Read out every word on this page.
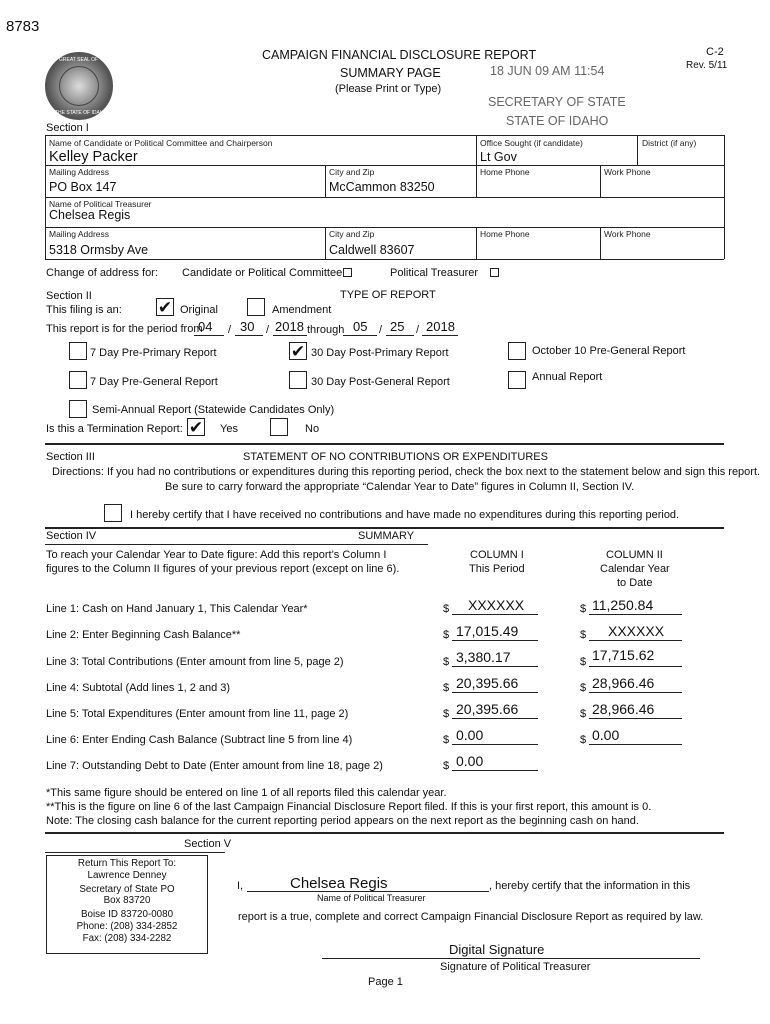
8783
GREAT SEAL OF
THE STATE OF IDAHO
CAMPAIGN FINANCIAL DISCLOSURE REPORT
SUMMARY PAGE
(Please Print or Type)
C-2
Rev. 5/11
18 JUN 09 AM 11:54
SECRETARY OF STATE
STATE OF IDAHO
Section I
Name of Candidate or Political Committee and Chairperson
Kelley Packer
Office Sought (if candidate)
Lt Gov
District (if any)
Mailing Address
PO Box 147
City and Zip
McCammon 83250
Home Phone	Work Phone
Name of Political Treasurer
Chelsea Regis
Mailing Address
5318 Ormsby Ave
City and Zip
Caldwell 83607
Home Phone	Work Phone
Change of address for: Candidate or Political Committee	Political Treasurer
Section II	TYPE OF REPORT
This filing is an: ✔ Original	Amendment
This report is for the period from
04 / 30 / 2018 through 05 / 25 / 2018
7 Day Pre-Primary Report	✔ 30 Day Post-Primary Report	October 10 Pre-General Report
7 Day Pre-General Report	30 Day Post-General Report	Annual Report
Semi-Annual Report (Statewide Candidates Only)
Is this a Termination Report: ✔ Yes	No
Section III	STATEMENT OF NO CONTRIBUTIONS OR EXPENDITURES
Directions: If you had no contributions or expenditures during this reporting period, check the box next to the statement below and sign this report.
Be sure to carry forward the appropriate “Calendar Year to Date” figures in Column II, Section IV.
I hereby certify that I have received no contributions and have made no expenditures during this reporting period.
Section IV	SUMMARY
To reach your Calendar Year to Date figure: Add this report’s Column I
figures to the Column II figures of your previous report (except on line 6).
COLUMN I
This Period
COLUMN II
Calendar Year
to Date
Line 1: Cash on Hand January 1, This Calendar Year*	$ XXXXXX	$ 11,250.84
Line 2: Enter Beginning Cash Balance**	$ 17,015.49	$ XXXXXX
Line 3: Total Contributions (Enter amount from line 5, page 2)	$ 3,380.17	$ 17,715.62
Line 4: Subtotal (Add lines 1, 2 and 3)	$ 20,395.66	$ 28,966.46
Line 5: Total Expenditures (Enter amount from line 11, page 2)	$ 20,395.66	$ 28,966.46
Line 6: Enter Ending Cash Balance (Subtract line 5 from line 4)	$ 0.00	$ 0.00
Line 7: Outstanding Debt to Date (Enter amount from line 18, page 2)	$ 0.00
*This same figure should be entered on line 1 of all reports filed this calendar year.
**This is the figure on line 6 of the last Campaign Financial Disclosure Report filed. If this is your first report, this amount is 0.
Note: The closing cash balance for the current reporting period appears on the next report as the beginning cash on hand.
Section V
Return This Report To:
Lawrence Denney
Secretary of State PO
Box 83720
Boise ID 83720-0080
Phone: (208) 334-2852
Fax: (208) 334-2282
I,	Chelsea Regis	, hereby certify that the information in this
Name of Political Treasurer
report is a true, complete and correct Campaign Financial Disclosure Report as required by law.
Digital Signature
Signature of Political Treasurer
Page 1
